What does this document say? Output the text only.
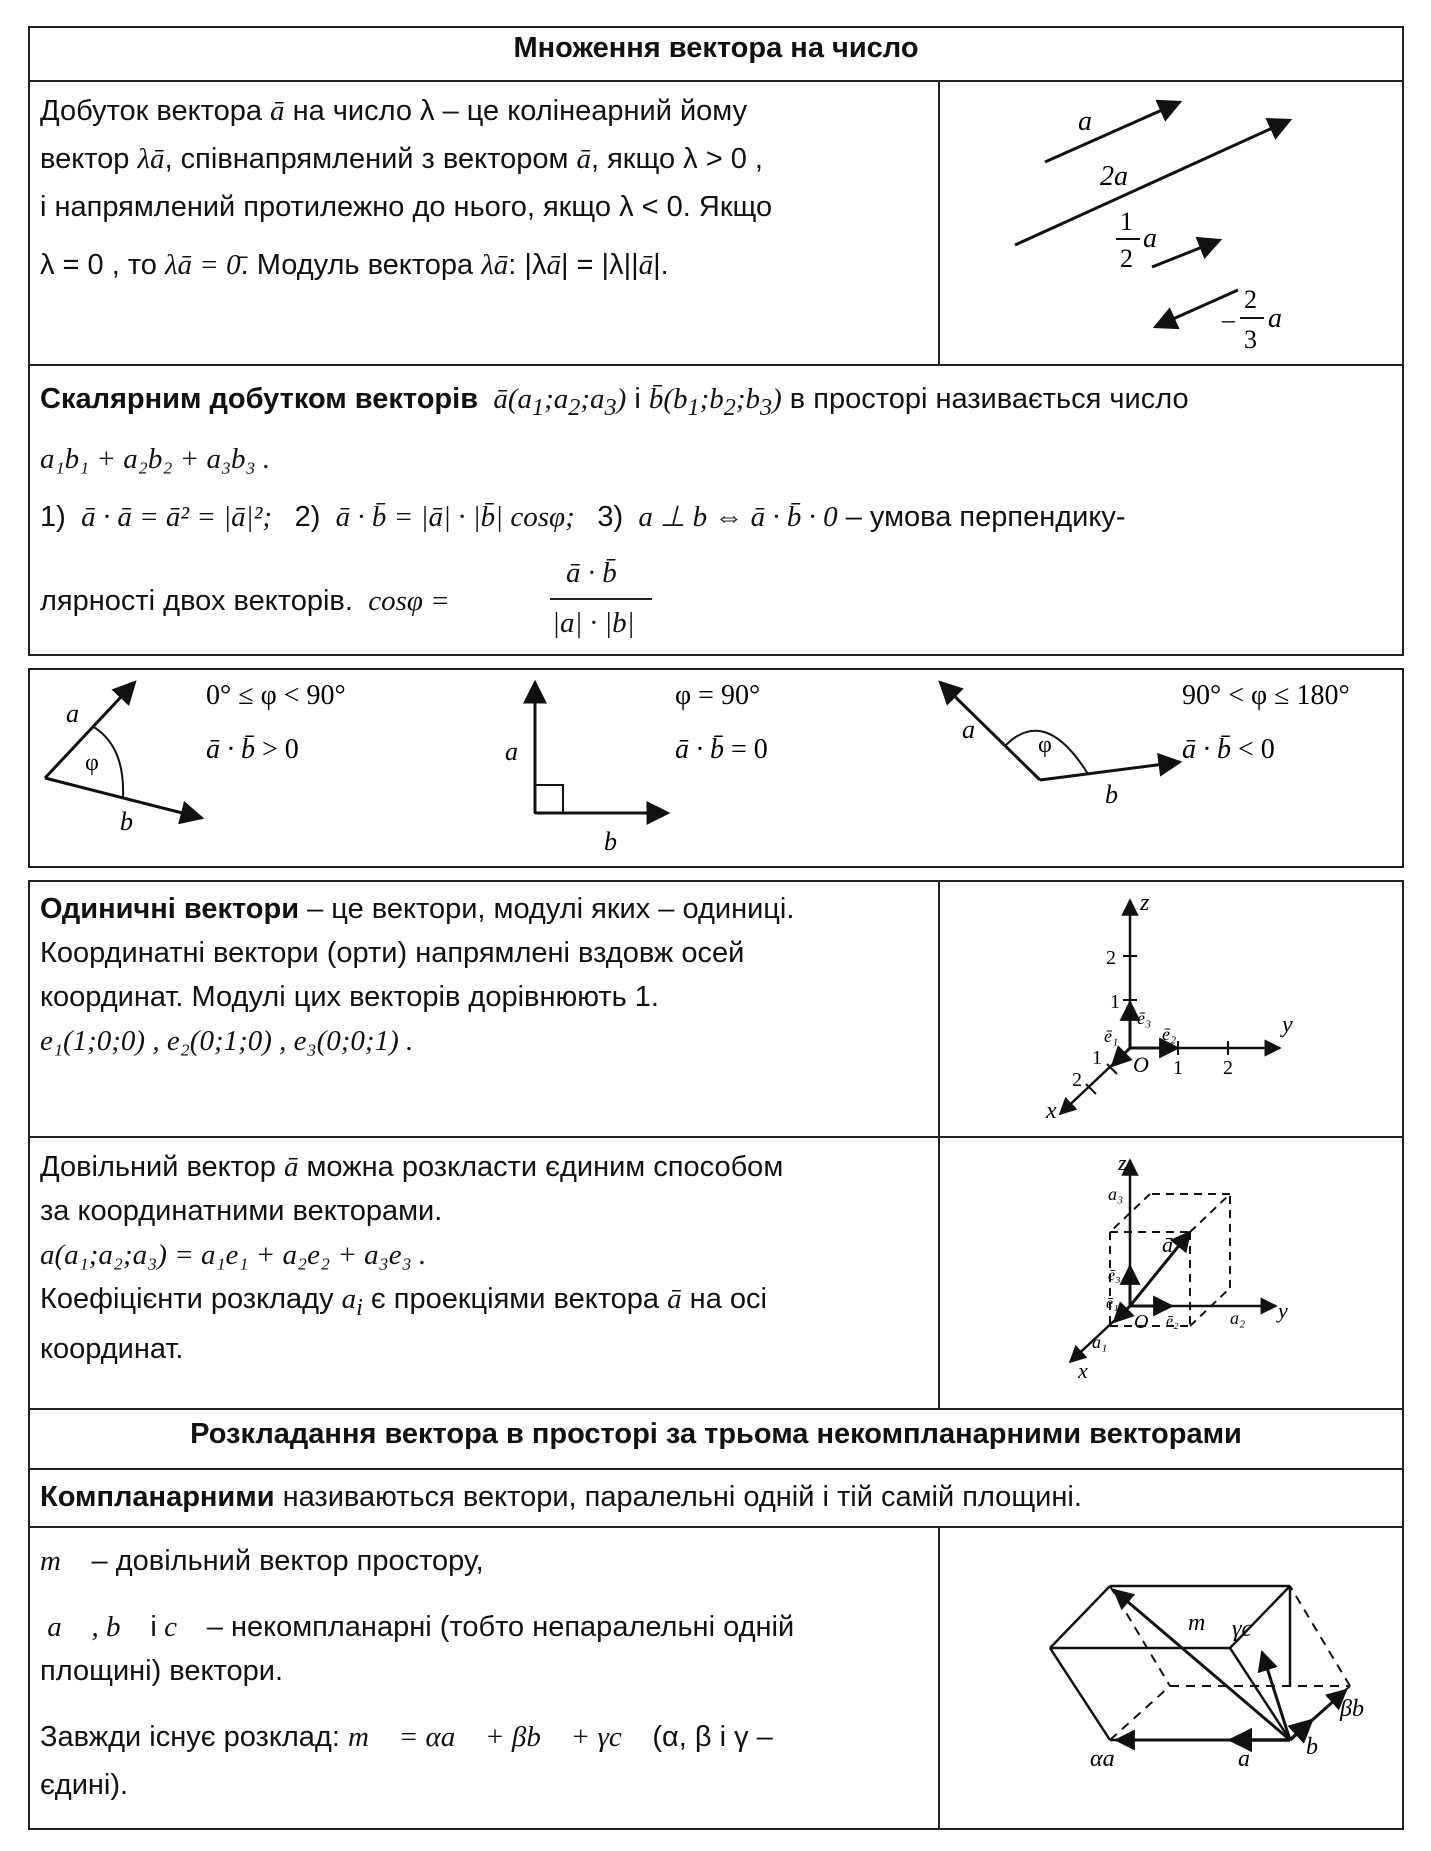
Множення вектора на число
Добуток вектора ā на число λ – це колінеарний йому
вектор λā, співнапрямлений з вектором ā, якщо λ > 0 ,
і напрямлений протилежно до нього, якщо λ < 0. Якщо
λ = 0 , то λā = 0̄. Модуль вектора λā: |λā| = |λ||ā|.
a
2a
1
2
a
–
2
3
a
Скалярним добутком векторів  $ā(a_1;a_2;a_3)$ і $b̄(b_1;b_2;b_3)$ в просторі називається число
a₁b₁ + a₂b₂ + a₃b₃ .
1)  ā · ā = ā² = |ā|²;   2)  ā · b̄ = |ā| · |b̄| cosφ;   3)  a ⊥ b ⇔ ā · b̄ · 0 – умова перпендику-
лярності двох векторів.  cosφ =
ā · b̄
|a| · |b|
φ
a
b
0° ≤ φ < 90°
ā · b̄ > 0	a
b
φ = 90°
ā · b̄ = 0	φ
a
b
90° < φ ≤ 180°
ā · b̄ < 0
Одиничні вектори – це вектори, модулі яких – одиниці.
Координатні вектори (орти) напрямлені вздовж осей
координат. Модулі цих векторів дорівнюють 1.
e₁(1;0;0) , e₂(0;1;0) , e₃(0;0;1) .
z
y
x
O
2
1
1 2
1
2
ē₃
ē₂
ē₁
Довільний вектор ā можна розкласти єдиним способом
за координатними векторами.
a(a₁;a₂;a₃) = a₁e₁ + a₂e₂ + a₃e₃ .
Коефіцієнти розкладу $a_i$ є проекціями вектора ā на осі
координат.
z
y
x
O
ā
ē₃
ē₂
ē₁
a₃
a₂
a₁
Розкладання вектора в просторі за трьома некомпланарними векторами
Компланарними називаються вектори, паралельні одній і тій самій площині.
m⃗ – довільний вектор простору,
a⃗ , b⃗ і c⃗ – некомпланарні (тобто непаралельні одній
площині) вектори.
Завжди існує розклад: m⃗ = αa⃗ + βb⃗ + γc⃗ (α, β і γ –
єдині).
m γc
βb
αa	a b
